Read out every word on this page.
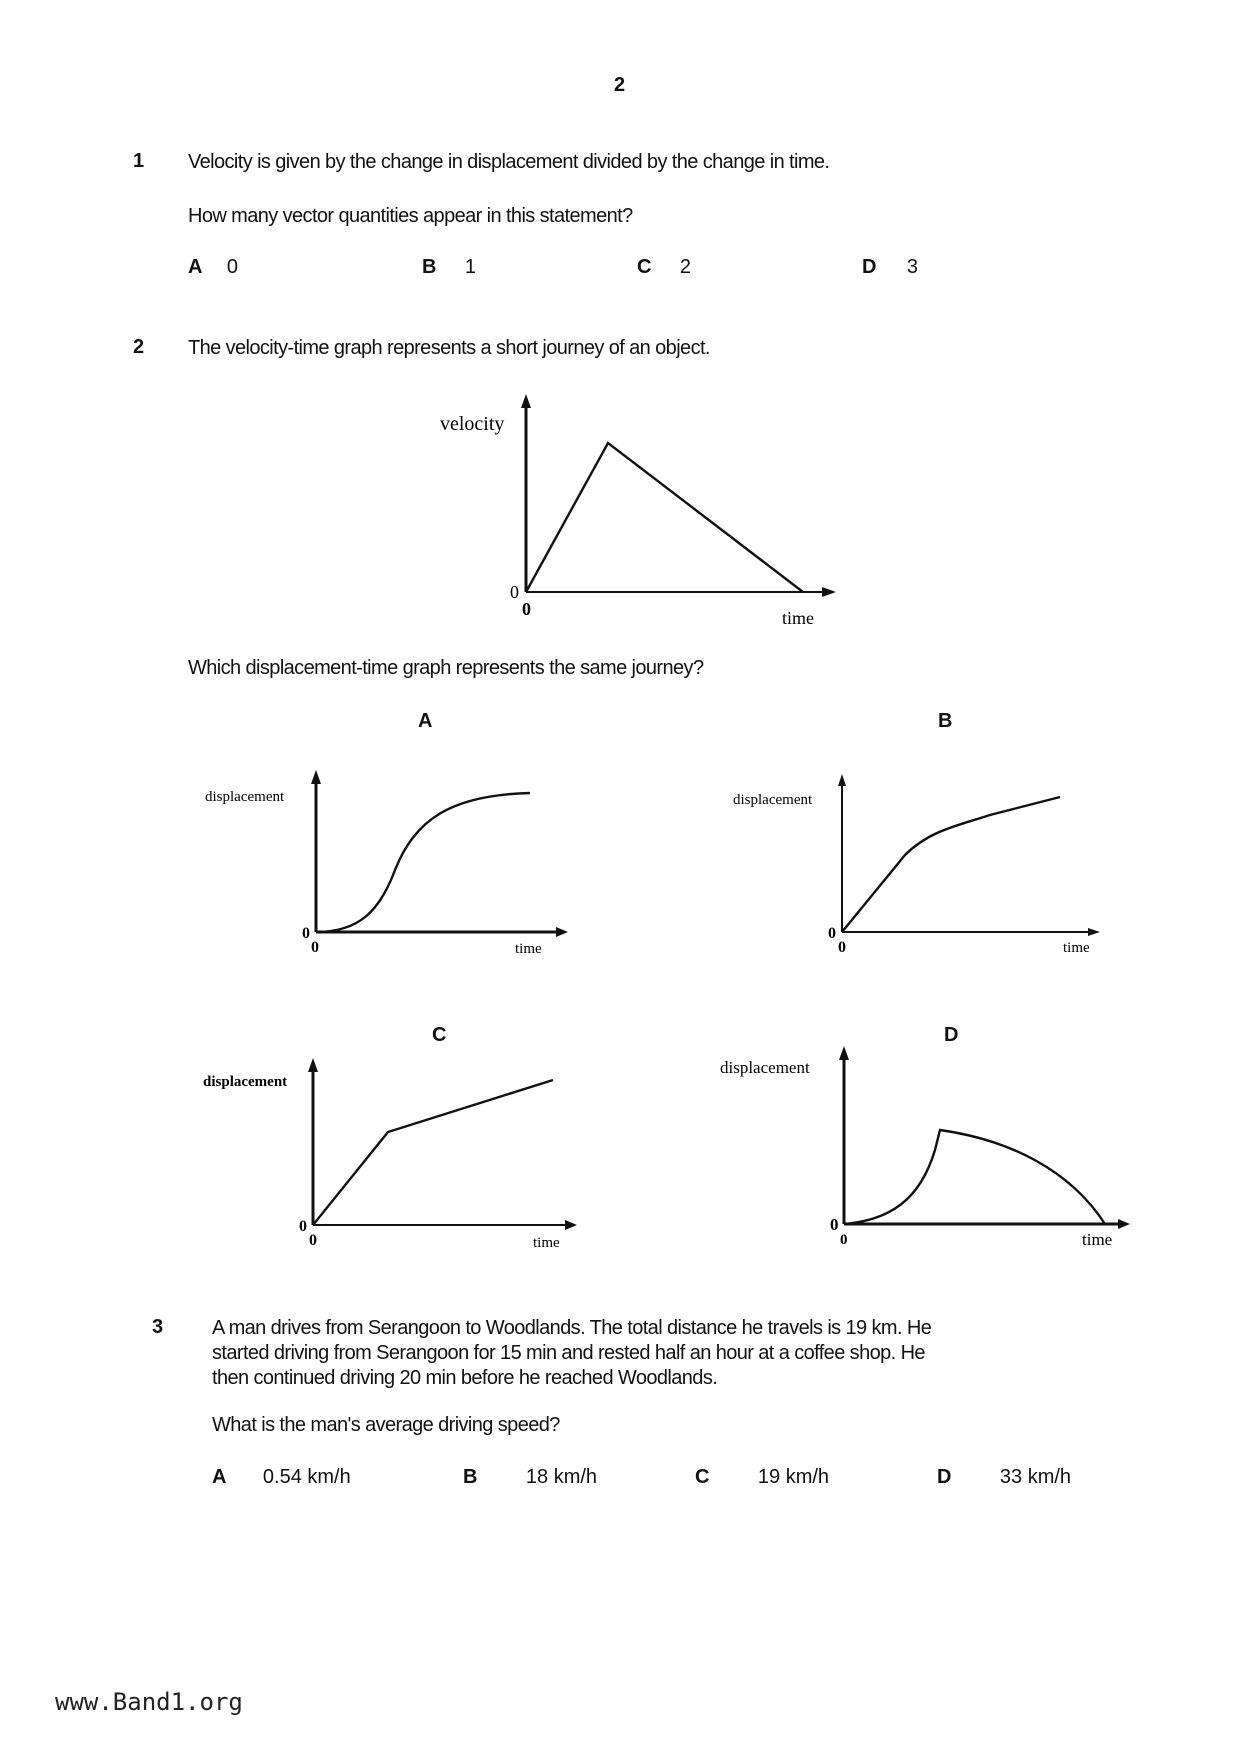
2
1 Velocity is given by the change in displacement divided by the change in time.
How many vector quantities appear in this statement?
A 0	B 1	C 2	D 3
2 The velocity-time graph represents a short journey of an object.
velocity
0
0	time
Which displacement-time graph represents the same journey?
A
displacement
0
0	time
B
displacement
0
0	time
C
displacement
0
0	time
D
displacement
0
0	time
3 A man drives from Serangoon to Woodlands. The total distance he travels is 19 km. He
started driving from Serangoon for 15 min and rested half an hour at a coffee shop. He
then continued driving 20 min before he reached Woodlands.
What is the man's average driving speed?
A 0.54 km/h	B 18 km/h	C 19 km/h	D 33 km/h
www.Band1.org
